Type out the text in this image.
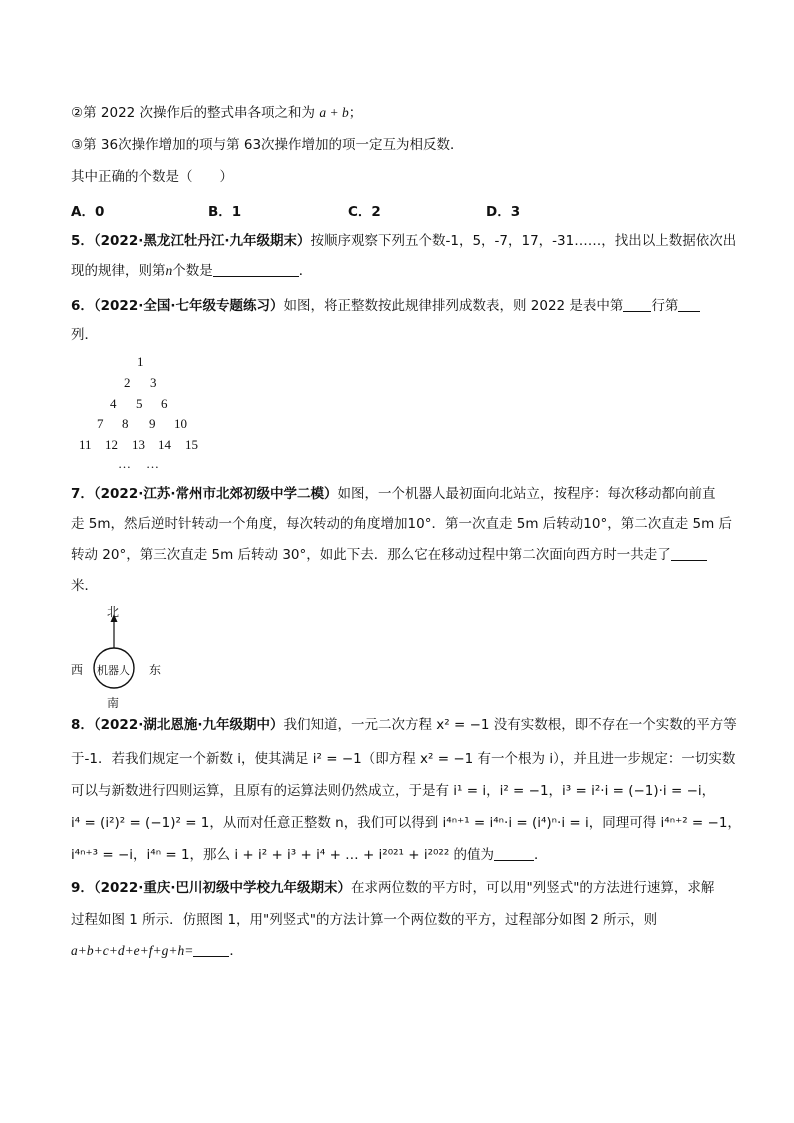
②第 2022 次操作后的整式串各项之和为 a + b；
③第 36次操作增加的项与第 63次操作增加的项一定互为相反数．
其中正确的个数是（　　）
A．0	B．1	C．2	D．3
5．（2022·黑龙江牡丹江·九年级期末）按顺序观察下列五个数-1，5，-7，17，-31……，找出以上数据依次出
现的规律，则第n个数是	．
6．（2022·全国·七年级专题练习）如图，将正整数按此规律排列成数表，则 2022 是表中第 行第
列．
1
2 3
4 5 6
7 8 9 10
11 12 13 14 15
… …
7．（2022·江苏·常州市北郊初级中学二模）如图，一个机器人最初面向北站立，按程序：每次移动都向前直
走 5m，然后逆时针转动一个角度，每次转动的角度增加10°．第一次直走 5m 后转动10°，第二次直走 5m 后
转动 20°，第三次直走 5m 后转动 30°，如此下去．那么它在移动过程中第二次面向西方时一共走了
米．
北
西	东
机器人
南
8．（2022·湖北恩施·九年级期中）我们知道，一元二次方程 x² = −1 没有实数根，即不存在一个实数的平方等
于-1．若我们规定一个新数 i，使其满足 i² = −1（即方程 x² = −1 有一个根为 i），并且进一步规定：一切实数
可以与新数进行四则运算，且原有的运算法则仍然成立，于是有 i¹ = i，i² = −1，i³ = i²·i = (−1)·i = −i，
i⁴ = (i²)² = (−1)² = 1，从而对任意正整数 n，我们可以得到 i⁴ⁿ⁺¹ = i⁴ⁿ·i = (i⁴)ⁿ·i = i，同理可得 i⁴ⁿ⁺² = −1，
i⁴ⁿ⁺³ = −i，i⁴ⁿ = 1，那么 i + i² + i³ + i⁴ + … + i²⁰²¹ + i²⁰²² 的值为	．
9．（2022·重庆·巴川初级中学校九年级期末）在求两位数的平方时，可以用"列竖式"的方法进行速算，求解
过程如图 1 所示．仿照图 1，用"列竖式"的方法计算一个两位数的平方，过程部分如图 2 所示，则
a+b+c+d+e+f+g+h=	．
